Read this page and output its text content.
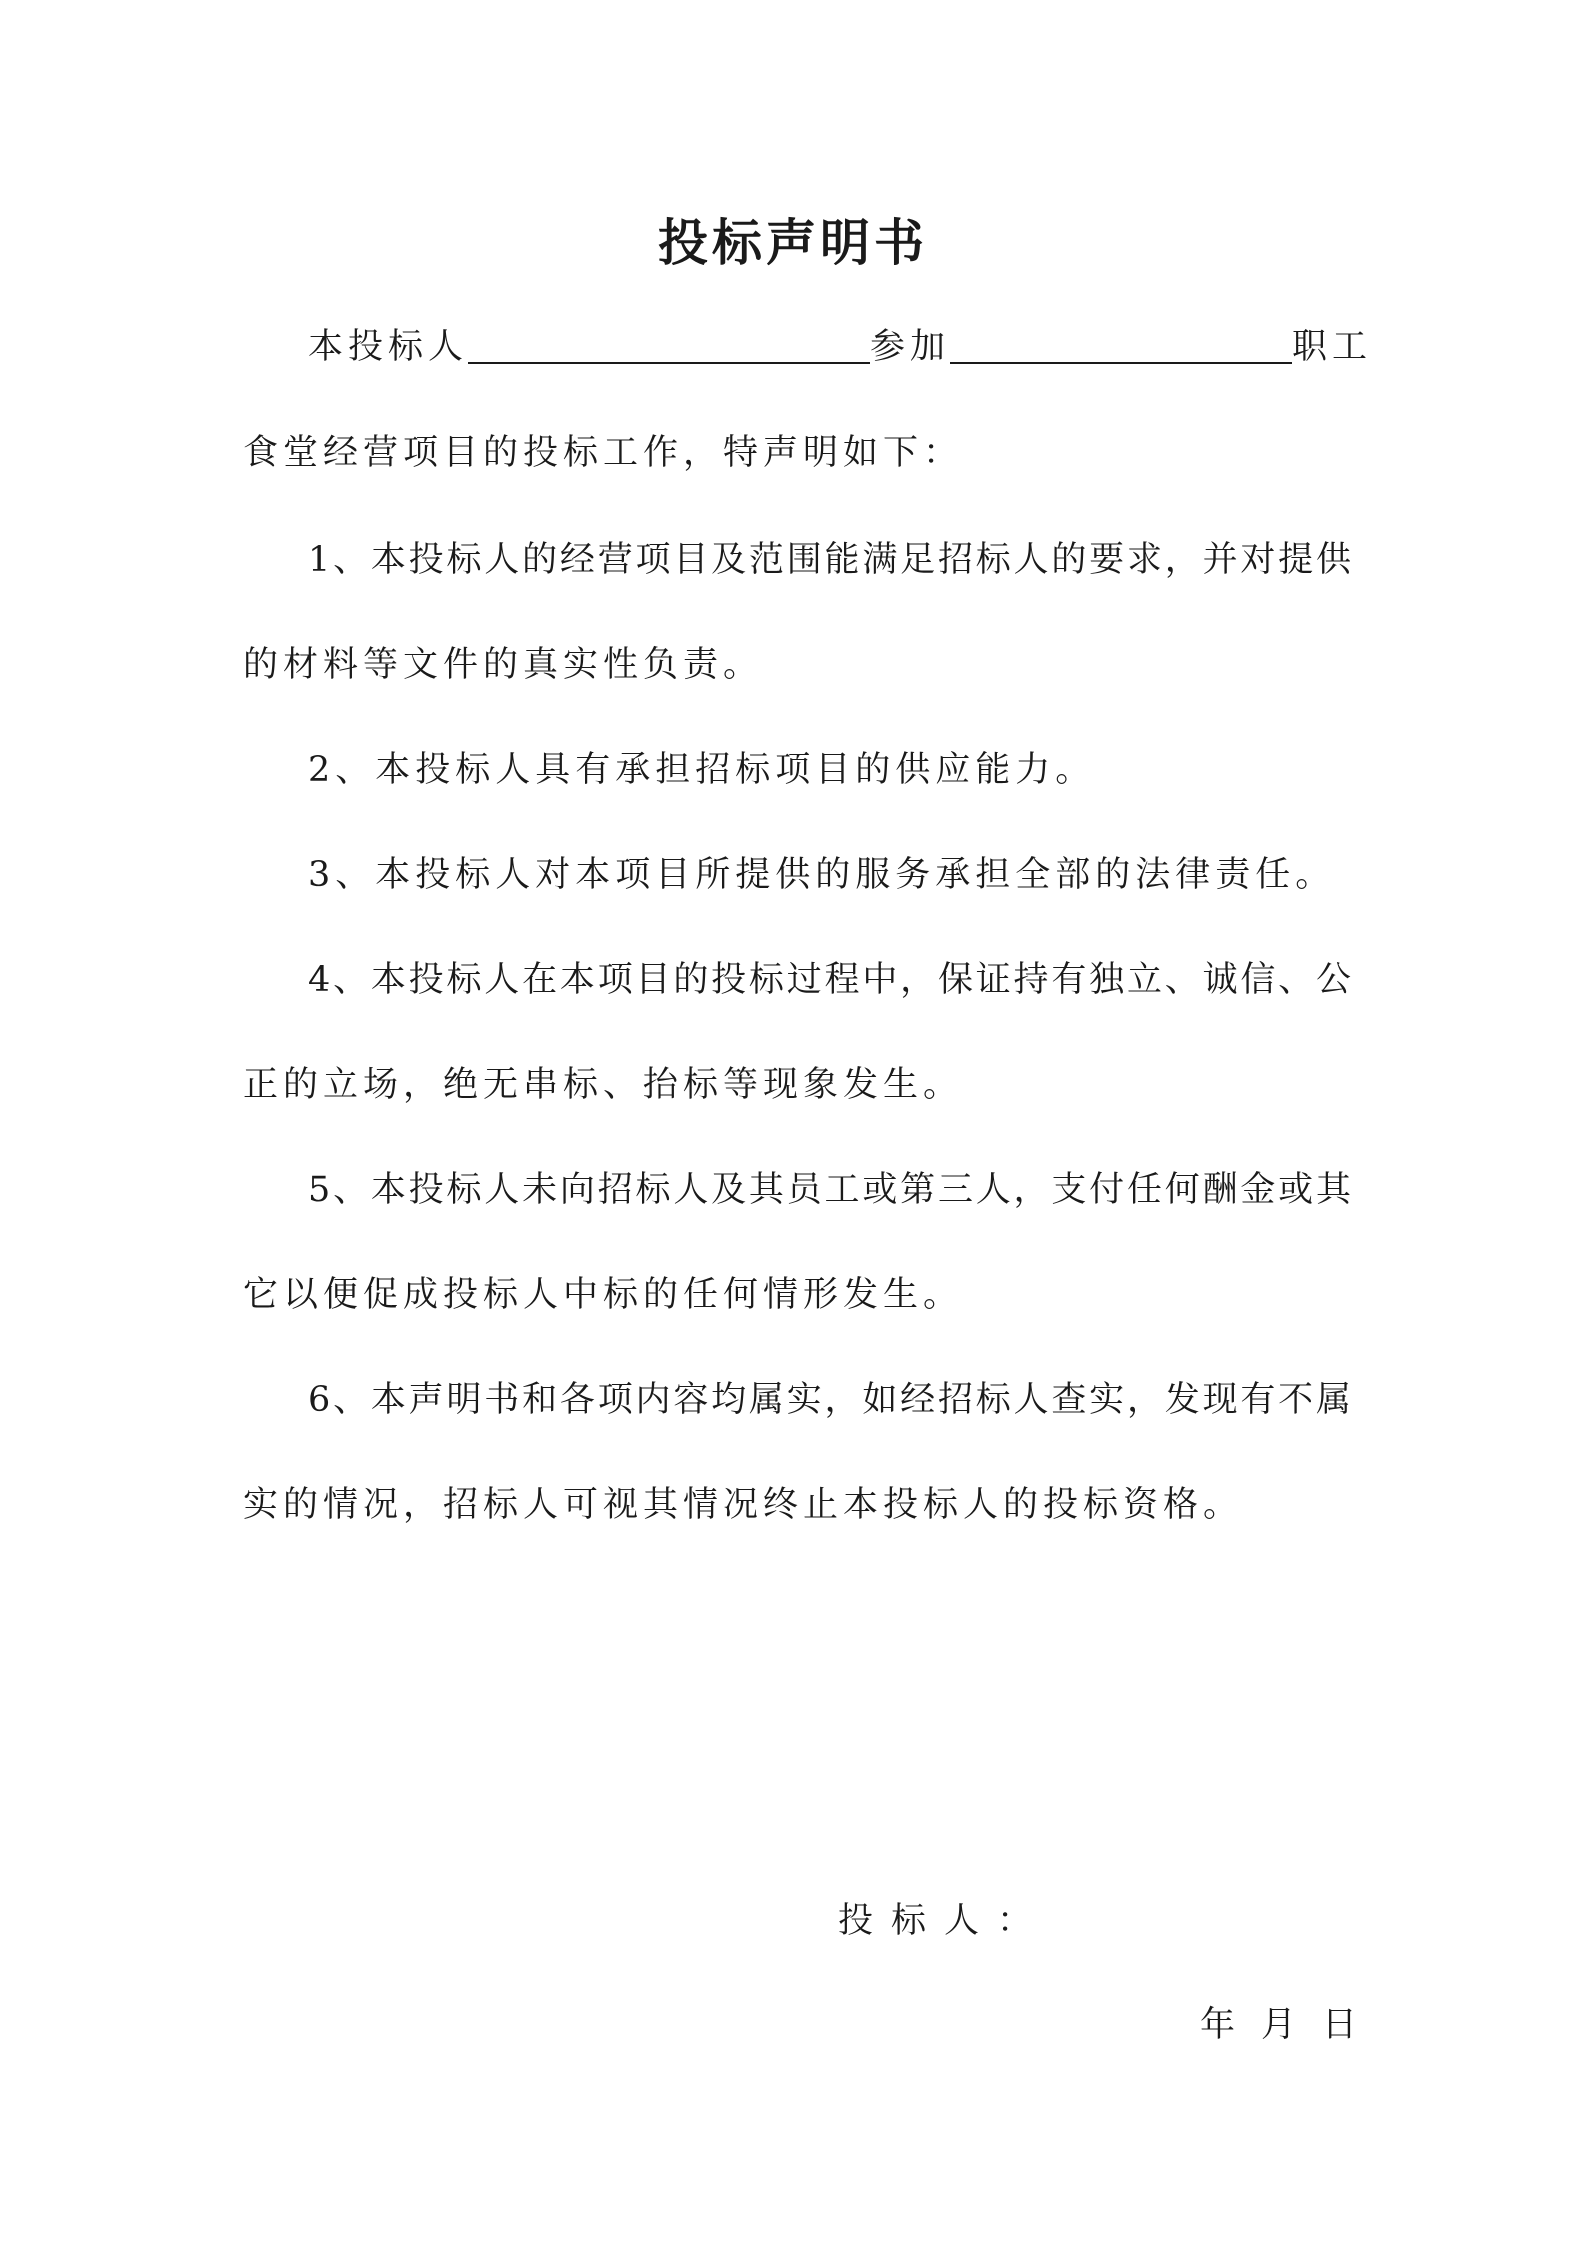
投标声明书
本投标人	参加	职工
食堂经营项目的投标工作，特声明如下：
1、本投标人的经营项目及范围能满足招标人的要求，并对提供
的材料等文件的真实性负责。
2、本投标人具有承担招标项目的供应能力。
3、本投标人对本项目所提供的服务承担全部的法律责任。
4、本投标人在本项目的投标过程中，保证持有独立、诚信、公
正的立场，绝无串标、抬标等现象发生。
5、本投标人未向招标人及其员工或第三人，支付任何酬金或其
它以便促成投标人中标的任何情形发生。
6、本声明书和各项内容均属实，如经招标人查实，发现有不属
实的情况，招标人可视其情况终止本投标人的投标资格。
投标人：
年 月 日
